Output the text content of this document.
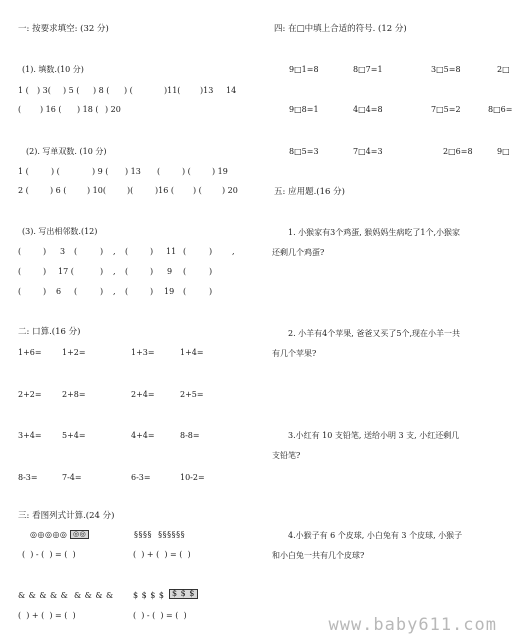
一: 按要求填空: (32 分)
(1). 填数.(10 分)
1 ( ) 3( ) 5 ( ) 8 ( ) (	)11( )13 14
( ) 16 ( ) 18 ( ) 20
(2). 写单双数. (10 分)
1 (	) (	) 9 ( ) 13 (	) (	) 19
2 (	) 6 (	) 10(	)(	)16 ( ) (	) 20
(3). 写出相邻数.(12)
(	) 3 (	) , (	) 11 (	) ,
(	) 17 (	) , (	) 9 (	)
(	) 6 (	) , (	) 19 (	)
二: 口算.(16 分)
1+6=	1+2=	1+3=	1+4=
2+2=	2+8=	2+4=	2+5=
3+4=	5+4=	4+4=	8-8=
8-3=	7-4=	6-3=	10-2=
三: 看图列式计算.(24 分)
◎◎◎◎◎ ◎◎	§§§§  §§§§§§
(  ) - (  ) = (  )	(  ) + (  ) = (  )
& & & & & & & & & $ $ $ $ $ $ $
(  ) + (  ) = (  )	(  ) - (  ) = (  )
四: 在□中填上合适的符号. (12 分)
9□1=8	8□7=1	3□5=8	2□
9□8=1	4□4=8	7□5=2	8□6=
8□5=3	7□4=3	2□6=8	9□
五: 应用题.(16 分)
1. 小猴家有3个鸡蛋, 猴妈妈生病吃了1个,小猴家
还剩几个鸡蛋?
2. 小羊有4个苹果, 爸爸又买了5个,现在小羊一共
有几个苹果?
3.小红有 10 支铅笔, 送给小明 3 支, 小红还剩几
支铅笔?
4.小猴子有 6 个皮球, 小白兔有 3 个皮球, 小猴子
和小白兔一共有几个皮球?
www.baby611.com
